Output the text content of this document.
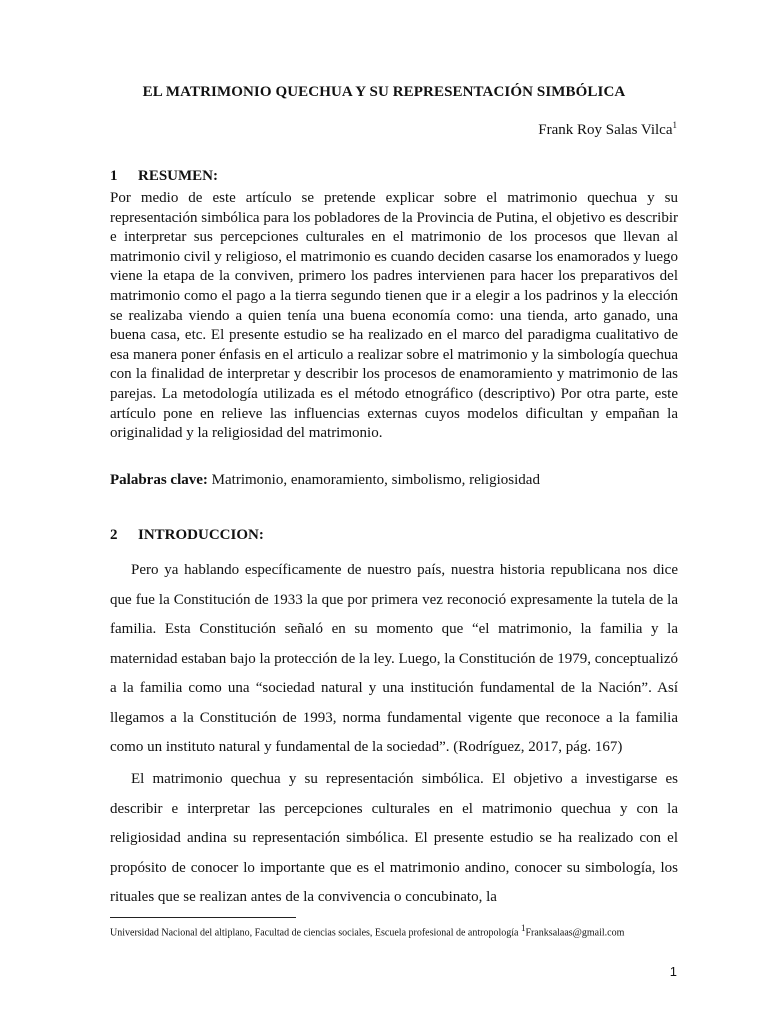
EL MATRIMONIO QUECHUA Y SU REPRESENTACIÓN SIMBÓLICA
Frank Roy Salas Vilca$^1$
1 RESUMEN:
Por medio de este artículo se pretende explicar sobre el matrimonio quechua y su representación simbólica para los pobladores de la Provincia de Putina, el objetivo es describir e interpretar sus percepciones culturales en el matrimonio de los procesos que llevan al matrimonio civil y religioso, el matrimonio es cuando deciden casarse los enamorados y luego viene la etapa de la conviven, primero los padres intervienen para hacer los preparativos del matrimonio como el pago a la tierra segundo tienen que ir a elegir a los padrinos y la elección se realizaba viendo a quien tenía una buena economía como: una tienda, arto ganado, una buena casa, etc. El presente estudio se ha realizado en el marco del paradigma cualitativo de esa manera poner énfasis en el articulo a realizar sobre el matrimonio y la simbología quechua con la finalidad de interpretar y describir los procesos de enamoramiento y matrimonio de las parejas. La metodología utilizada es el método etnográfico (descriptivo) Por otra parte, este artículo pone en relieve las influencias externas cuyos modelos dificultan y empañan la originalidad y la religiosidad del matrimonio.
Palabras clave: Matrimonio, enamoramiento, simbolismo, religiosidad
2 INTRODUCCION:
Pero ya hablando específicamente de nuestro país, nuestra historia republicana nos dice que fue la Constitución de 1933 la que por primera vez reconoció expresamente la tutela de la familia. Esta Constitución señaló en su momento que “el matrimonio, la familia y la maternidad estaban bajo la protección de la ley. Luego, la Constitución de 1979, conceptualizó a la familia como una “sociedad natural y una institución fundamental de la Nación”. Así llegamos a la Constitución de 1993, norma fundamental vigente que reconoce a la familia como un instituto natural y fundamental de la sociedad”. (Rodríguez, 2017, pág. 167)
El matrimonio quechua y su representación simbólica. El objetivo a investigarse es describir e interpretar las percepciones culturales en el matrimonio quechua y con la religiosidad andina su representación simbólica. El presente estudio se ha realizado con el propósito de conocer lo importante que es el matrimonio andino, conocer su simbología, los rituales que se realizan antes de la convivencia o concubinato, la
Universidad Nacional del altiplano, Facultad de ciencias sociales, Escuela profesional de antropología $^1$Franksalaas@gmail.com
1
